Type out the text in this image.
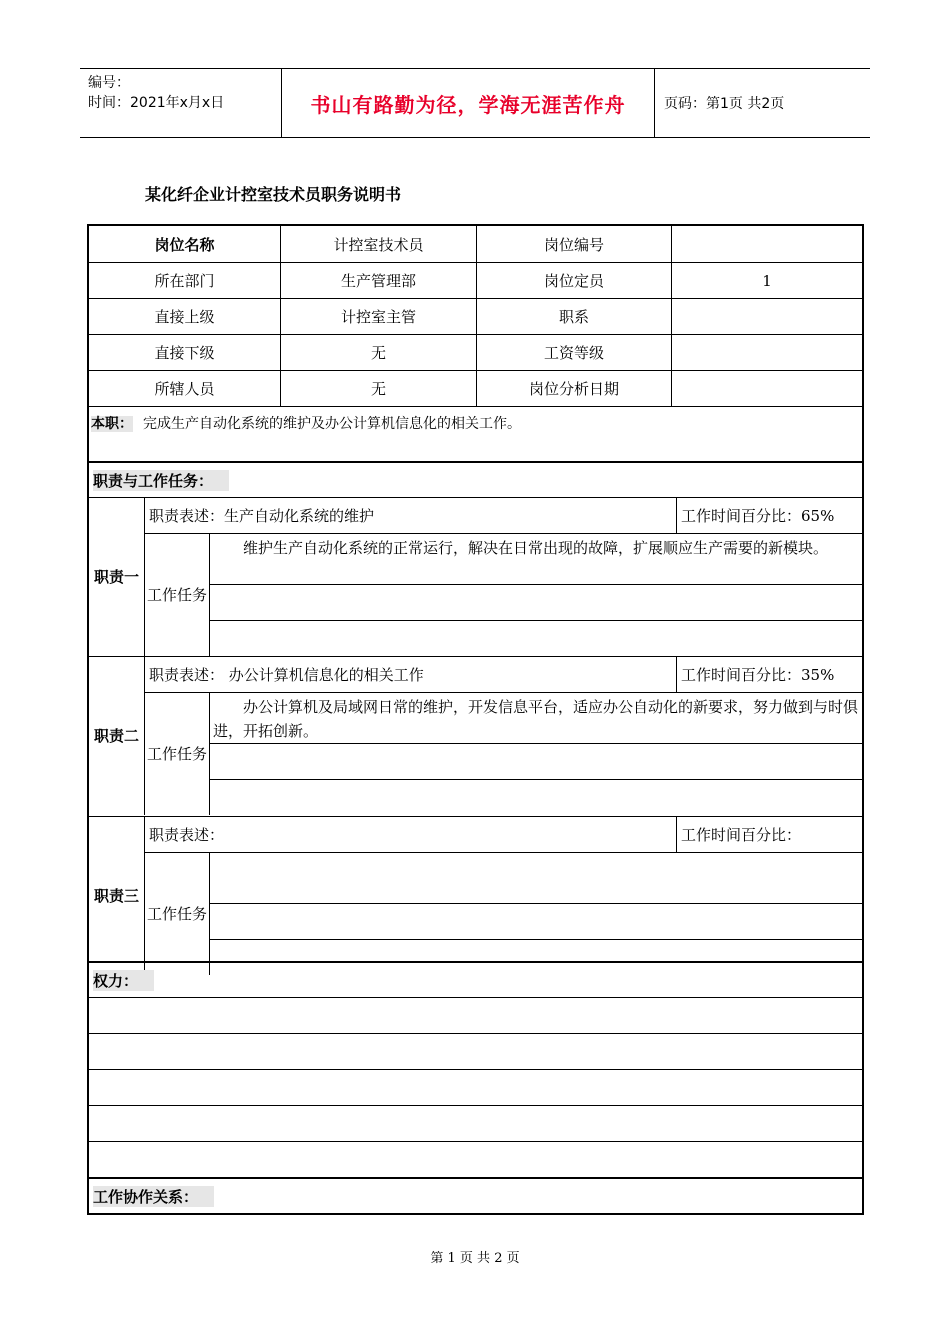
编号：
时间：2021年x月x日	书山有路勤为径，学海无涯苦作舟	页码：第1页 共2页
某化纤企业计控室技术员职务说明书
岗位名称	计控室技术员	岗位编号
所在部门	生产管理部	岗位定员	1
直接上级	计控室主管	职系
直接下级	无	工资等级
所辖人员	无	岗位分析日期
本职： 完成生产自动化系统的维护及办公计算机信息化的相关工作。
职责与工作任务：
职 责 一
职责表述：生产自动化系统的维护	工作时间百分比：65%
工作 任务
维护生产自动化系统的正常运行，解决在日常出现的故障，扩展顺应生产需要的新模块。
职 责 二
职责表述： 办公计算机信息化的相关工作	工作时间百分比：35%
工作 任务
办公计算机及局域网日常的维护，开发信息平台，适应办公自动化的新要求，努力做到与时俱进，开拓创新。
职 责 三
职责表述：	工作时间百分比：
工作 任务
权力：
工作协作关系：
第 1 页 共 2 页
